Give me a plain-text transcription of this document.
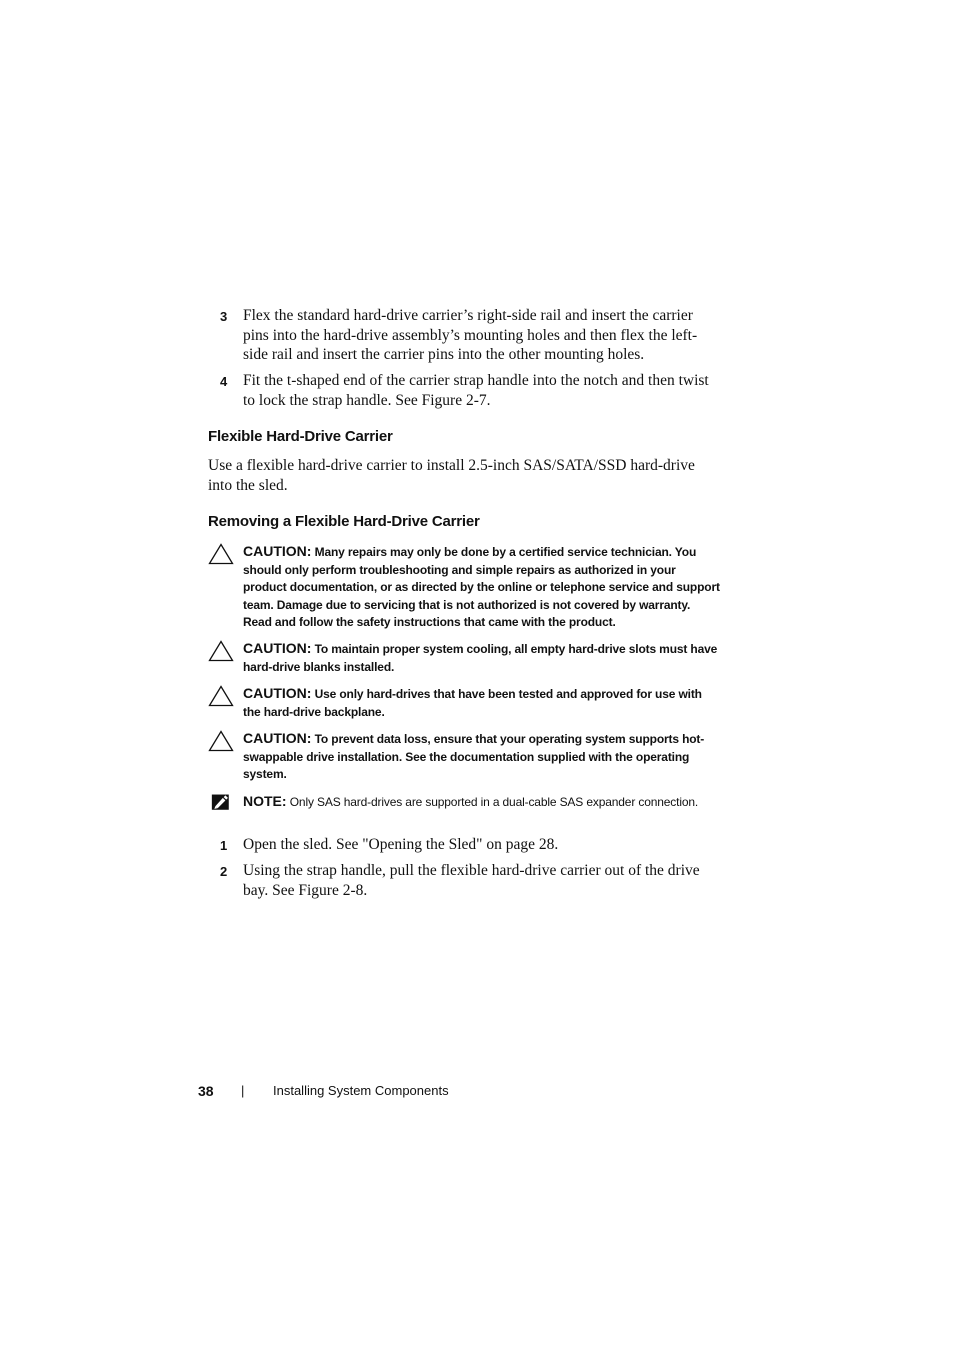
3 Flex the standard hard-drive carrier’s right-side rail and insert the carrier pins into the hard-drive assembly’s mounting holes and then flex the left-side rail and insert the carrier pins into the other mounting holes.
4 Fit the t-shaped end of the carrier strap handle into the notch and then twist to lock the strap handle. See Figure 2-7.
Flexible Hard-Drive Carrier
Use a flexible hard-drive carrier to install 2.5-inch SAS/SATA/SSD hard-drive into the sled.
Removing a Flexible Hard-Drive Carrier
CAUTION: Many repairs may only be done by a certified service technician. You should only perform troubleshooting and simple repairs as authorized in your product documentation, or as directed by the online or telephone service and support team. Damage due to servicing that is not authorized is not covered by warranty. Read and follow the safety instructions that came with the product.
CAUTION: To maintain proper system cooling, all empty hard-drive slots must have hard-drive blanks installed.
CAUTION: Use only hard-drives that have been tested and approved for use with the hard-drive backplane.
CAUTION: To prevent data loss, ensure that your operating system supports hot-swappable drive installation. See the documentation supplied with the operating system.
NOTE: Only SAS hard-drives are supported in a dual-cable SAS expander connection.
1 Open the sled. See "Opening the Sled" on page 28.
2 Using the strap handle, pull the flexible hard-drive carrier out of the drive bay. See Figure 2-8.
38 | Installing System Components
